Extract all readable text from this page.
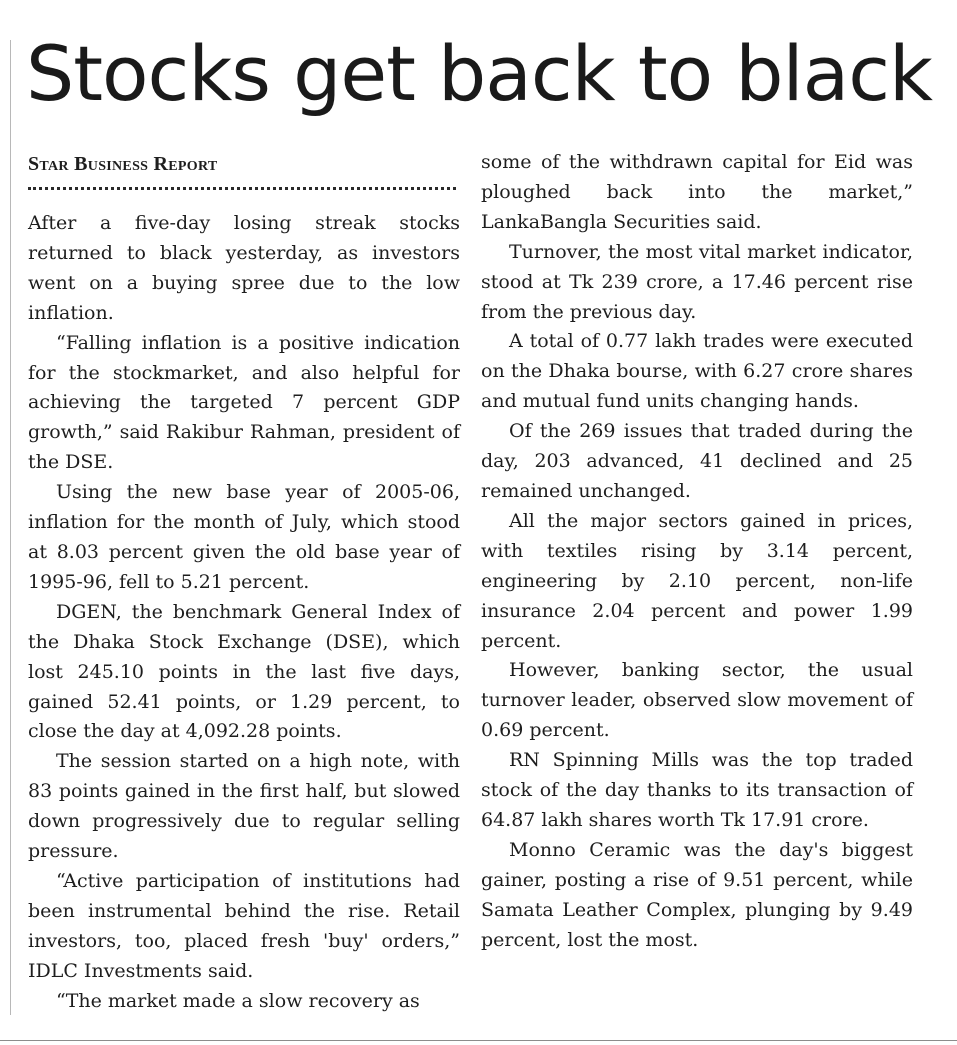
Stocks get back to black
Star Business Report

After a five-day losing streak stocks returned to black yesterday, as investors went on a buying spree due to the low inflation.

“Falling inflation is a positive indication for the stockmarket, and also helpful for achieving the targeted 7 percent GDP growth,” said Rakibur Rahman, president of the DSE.

Using the new base year of 2005-06, inflation for the month of July, which stood at 8.03 percent given the old base year of 1995-96, fell to 5.21 percent.

DGEN, the benchmark General Index of the Dhaka Stock Exchange (DSE), which lost 245.10 points in the last five days, gained 52.41 points, or 1.29 percent, to close the day at 4,092.28 points.

The session started on a high note, with 83 points gained in the first half, but slowed down progressively due to regular selling pressure.

“Active participation of institutions had been instrumental behind the rise. Retail investors, too, placed fresh 'buy' orders,” IDLC Investments said.

“The market made a slow recovery as

some of the withdrawn capital for Eid was ploughed back into the market,” LankaBangla Securities said.

Turnover, the most vital market indicator, stood at Tk 239 crore, a 17.46 percent rise from the previous day.

A total of 0.77 lakh trades were executed on the Dhaka bourse, with 6.27 crore shares and mutual fund units changing hands.

Of the 269 issues that traded during the day, 203 advanced, 41 declined and 25 remained unchanged.

All the major sectors gained in prices, with textiles rising by 3.14 percent, engineering by 2.10 percent, non-life insurance 2.04 percent and power 1.99 percent.

However, banking sector, the usual turnover leader, observed slow movement of 0.69 percent.

RN Spinning Mills was the top traded stock of the day thanks to its transaction of 64.87 lakh shares worth Tk 17.91 crore.

Monno Ceramic was the day's biggest gainer, posting a rise of 9.51 percent, while Samata Leather Complex, plunging by 9.49 percent, lost the most.
